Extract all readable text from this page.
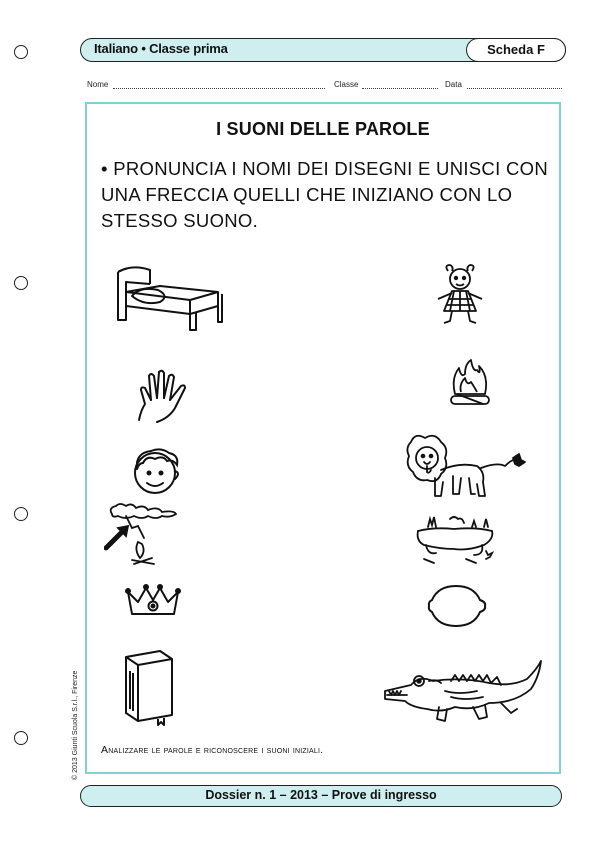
Italiano • Classe prima	Scheda F
Nome	Classe	Data
I SUONI DELLE PAROLE
• PRONUNCIA I NOMI DEI DISEGNI E UNISCI CON UNA FRECCIA QUELLI CHE INIZIANO CON LO STESSO SUONO.
Analizzare le parole e riconoscere i suoni iniziali.
Dossier n. 1 – 2013 – Prove di ingresso
© 2013 Giunti Scuola S.r.l., Firenze
